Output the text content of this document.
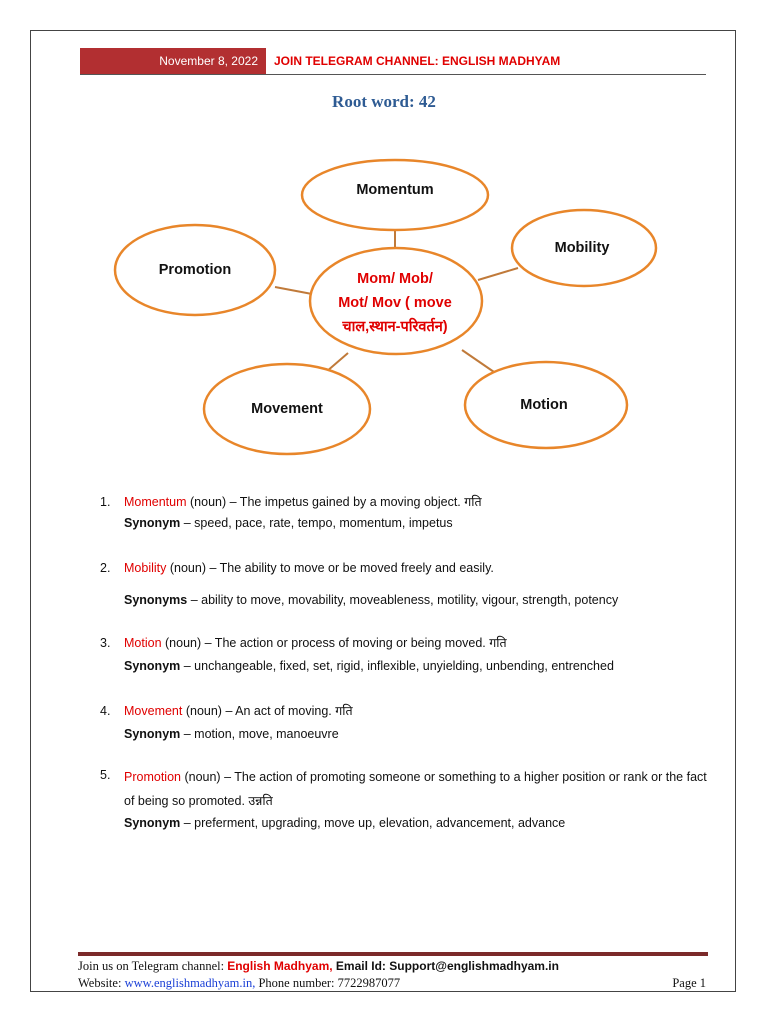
November 8, 2022	JOIN TELEGRAM CHANNEL: ENGLISH MADHYAM
Root word: 42
Momentum
Mobility
Promotion
Movement	Motion
Mom/ Mob/
Mot/ Mov ( move
चाल,स्थान-परिवर्तन)
1.	Momentum (noun) – The impetus gained by a moving object. गति
Synonym – speed, pace, rate, tempo, momentum, impetus
2.	Mobility (noun) – The ability to move or be moved freely and easily.
Synonyms – ability to move, movability, moveableness, motility, vigour, strength, potency
3.	Motion (noun) – The action or process of moving or being moved. गति
Synonym – unchangeable, fixed, set, rigid, inflexible, unyielding, unbending, entrenched
4.	Movement (noun) – An act of moving. गति
Synonym – motion, move, manoeuvre
5.	Promotion (noun) – The action of promoting someone or something to a higher position or rank or the fact of being so promoted. उन्नति
Synonym – preferment, upgrading, move up, elevation, advancement, advance
Join us on Telegram channel: English Madhyam, Email Id: Support@englishmadhyam.in
Website: www.englishmadhyam.in, Phone number: 7722987077	Page 1
